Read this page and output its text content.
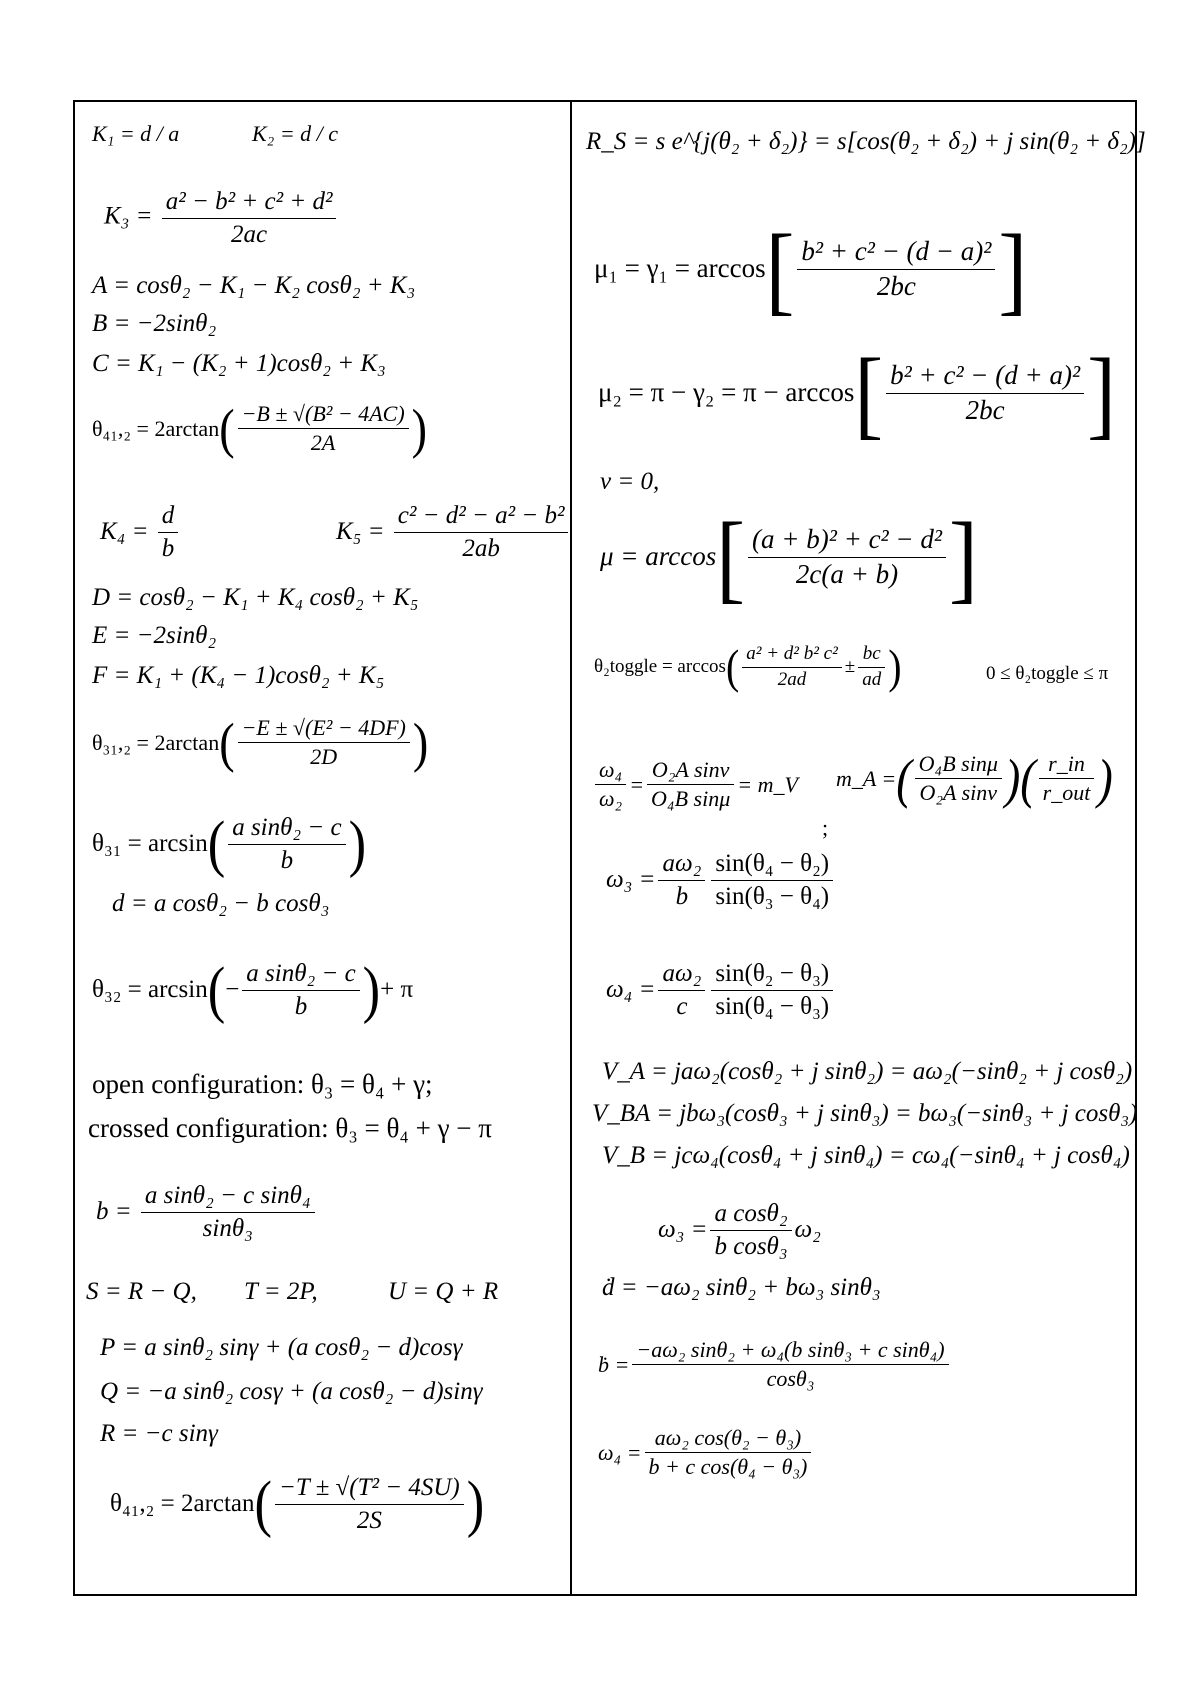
K₁ = d / a	K₂ = d / c
$K_3 = \frac{\text{a² − b² + c² + d²}}{2ac}$
A = cosθ₂ − K₁ − K₂ cosθ₂ + K₃
B = −2sinθ₂
C = K₁ − (K₂ + 1)cosθ₂ + K₃
$\theta_{41},_2 = 2\arctan( \frac{\text{−B ± √(B² − 4AC)}}{2A}$ )
$K_4 = \frac{d}{b}$	$K_5 = \frac{\text{c² − d² − a² − b²}}{2ab}$
D = cosθ₂ − K₁ + K₄ cosθ₂ + K₅
E = −2sinθ₂
F = K₁ + (K₄ − 1)cosθ₂ + K₅
$\theta_{31},_2 = 2\arctan( \frac{\text{−E ± √(E² − 4DF)}}{2D}$ )
$\theta_{31} = \arcsin( \frac{\text{a sinθ₂ − c}}{b}$ )
d = a cosθ₂ − b cosθ₃
$\theta_{32} = \arcsin(- \frac{\text{a sinθ₂ − c}}{b}$ )+ π
open configuration: θ₃ = θ₄ + γ;
crossed configuration: θ₃ = θ₄ + γ − π
$b = \frac{\text{a sinθ₂ − c sinθ₄}}{\text{sinθ₃}}$
S = R − Q, T = 2P,	U = Q + R
P = a sinθ₂ sinγ + (a cosθ₂ − d)cosγ
Q = −a sinθ₂ cosγ + (a cosθ₂ − d)sinγ
R = −c sinγ
$\theta_{41},_2 = 2\arctan( \frac{\text{−T ± √(T² − 4SU)}}{2S}$ )
R_S = s e^{j(θ₂ + δ₂)} = s[cos(θ₂ + δ₂) + j sin(θ₂ + δ₂)]
$\mu_1 = \gamma_1 = \arccos[ \frac{\text{b² + c² − (d − a)²}}{2bc}$ ]
$\mu_2 = \pi - \gamma_2 = \pi - \arccos[ \frac{\text{b² + c² − (d + a)²}}{2bc}$ ]
ν = 0,
$\mu = \arccos[ \frac{\text{(a + b)² + c² − d²}}{2c(a + b)}$ ]
θ₂toggle = $\arccos( \frac{\text{a² + d² b² c²}}{2ad} \pm \frac{bc}{ad}$ )	0 ≤ θ₂toggle ≤ π
$\frac{\text{ω₄}}{\text{ω₂}} = \frac{\text{O₂A sinν}}{\text{O₄B sinμ}}$ = m_V m_A =( $\frac{\text{O₄B sinμ}}{\text{O₂A sinν}}$ )( $\frac{r\_in}{\text{r\_out}}$ )
;
$\omega_3 = \frac{\text{aω₂}}{b} \frac{\text{sin(θ₄ − θ₂)}}{\text{sin(θ₃ − θ₄)}}$
$\omega_4 = \frac{\text{aω₂}}{c} \frac{\text{sin(θ₂ − θ₃)}}{\text{sin(θ₄ − θ₃)}}$
V_A = jaω₂(cosθ₂ + j sinθ₂) = aω₂(−sinθ₂ + j cosθ₂)
V_BA = jbω₃(cosθ₃ + j sinθ₃) = bω₃(−sinθ₃ + j cosθ₃)
V_B = jcω₄(cosθ₄ + j sinθ₄) = cω₄(−sinθ₄ + j cosθ₄)
$\omega_3 = \frac{\text{a cosθ₂}}{\text{b cosθ₃}} \omega_2$
ḋ = −aω₂ sinθ₂ + bω₃ sinθ₃
ḃ = $\frac{\text{−aω₂ sinθ₂ + ω₄(b sinθ₃ + c sinθ₄)}}{\text{cosθ₃}}$
$\omega_4 = \frac{\text{aω₂ cos(θ₂ − θ₃)}}{\text{b + c cos(θ₄ − θ₃)}}$
